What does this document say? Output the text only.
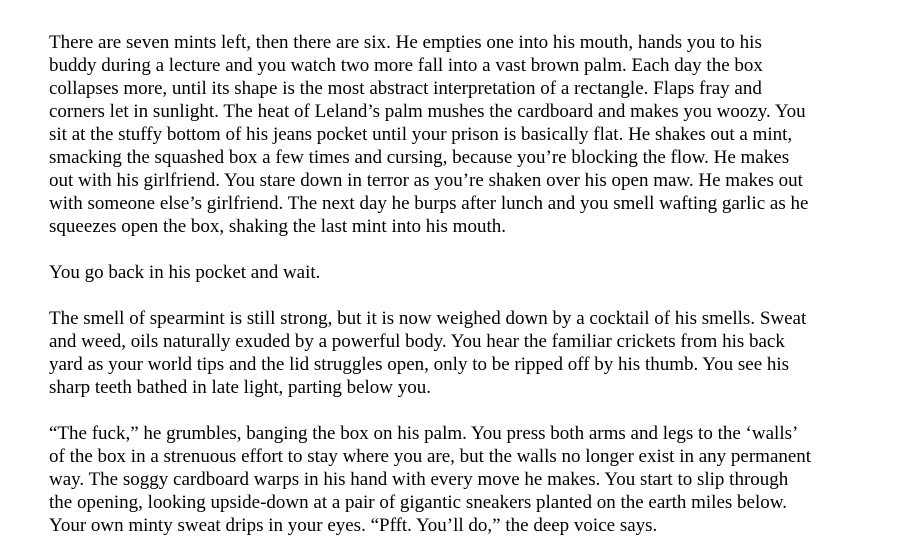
There are seven mints left, then there are six. He empties one into his mouth, hands you to his
buddy during a lecture and you watch two more fall into a vast brown palm. Each day the box
collapses more, until its shape is the most abstract interpretation of a rectangle. Flaps fray and
corners let in sunlight. The heat of Leland’s palm mushes the cardboard and makes you woozy. You
sit at the stuffy bottom of his jeans pocket until your prison is basically flat. He shakes out a mint,
smacking the squashed box a few times and cursing, because you’re blocking the flow. He makes
out with his girlfriend. You stare down in terror as you’re shaken over his open maw. He makes out
with someone else’s girlfriend. The next day he burps after lunch and you smell wafting garlic as he
squeezes open the box, shaking the last mint into his mouth.

You go back in his pocket and wait.

The smell of spearmint is still strong, but it is now weighed down by a cocktail of his smells. Sweat
and weed, oils naturally exuded by a powerful body. You hear the familiar crickets from his back
yard as your world tips and the lid struggles open, only to be ripped off by his thumb. You see his
sharp teeth bathed in late light, parting below you.

“The fuck,” he grumbles, banging the box on his palm. You press both arms and legs to the ‘walls’
of the box in a strenuous effort to stay where you are, but the walls no longer exist in any permanent
way. The soggy cardboard warps in his hand with every move he makes. You start to slip through
the opening, looking upside-down at a pair of gigantic sneakers planted on the earth miles below.
Your own minty sweat drips in your eyes. “Pfft. You’ll do,” the deep voice says.
